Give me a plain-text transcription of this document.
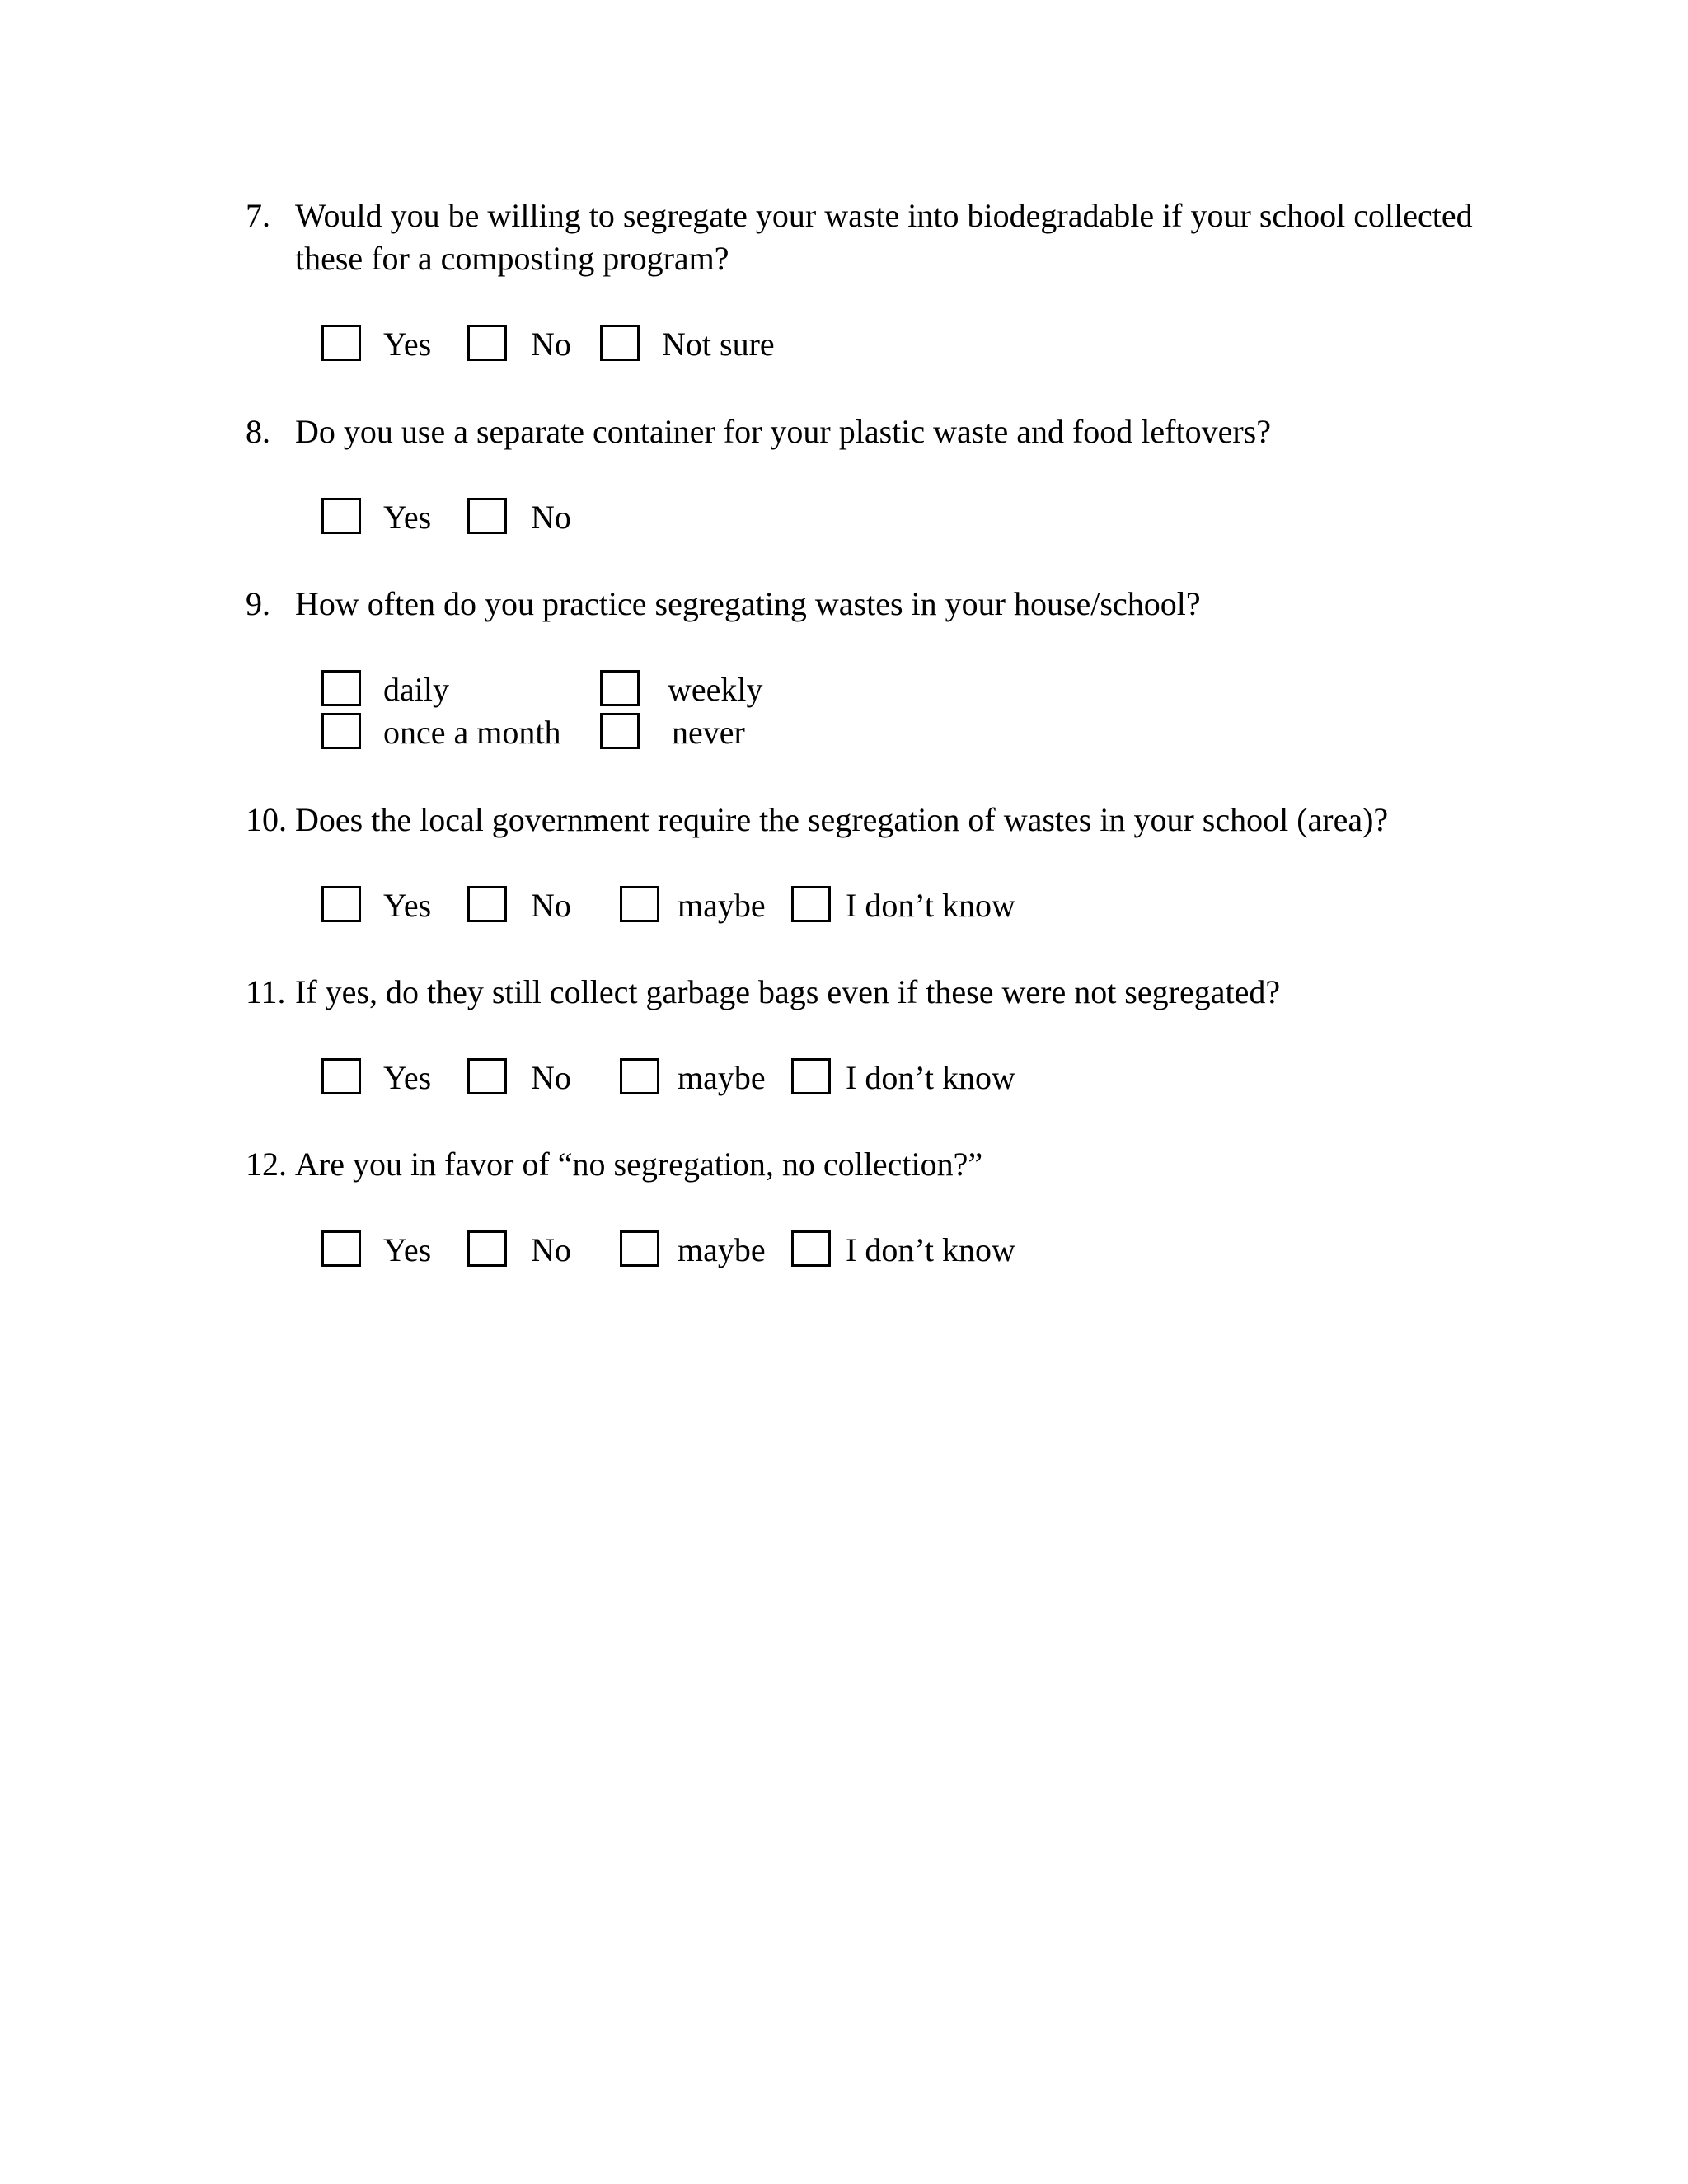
7. Would you be willing to segregate your waste into biodegradable if your school collected
these for a composting program?
Yes	No	Not sure
8. Do you use a separate container for your plastic waste and food leftovers?
Yes	No
9. How often do you practice segregating wastes in your house/school?
daily	weekly
once a month	never
10. Does the local government require the segregation of wastes in your school (area)?
Yes	No	maybe I don’t know
11. If yes, do they still collect garbage bags even if these were not segregated?
Yes	No	maybe I don’t know
12. Are you in favor of “no segregation, no collection?”
Yes	No	maybe I don’t know
